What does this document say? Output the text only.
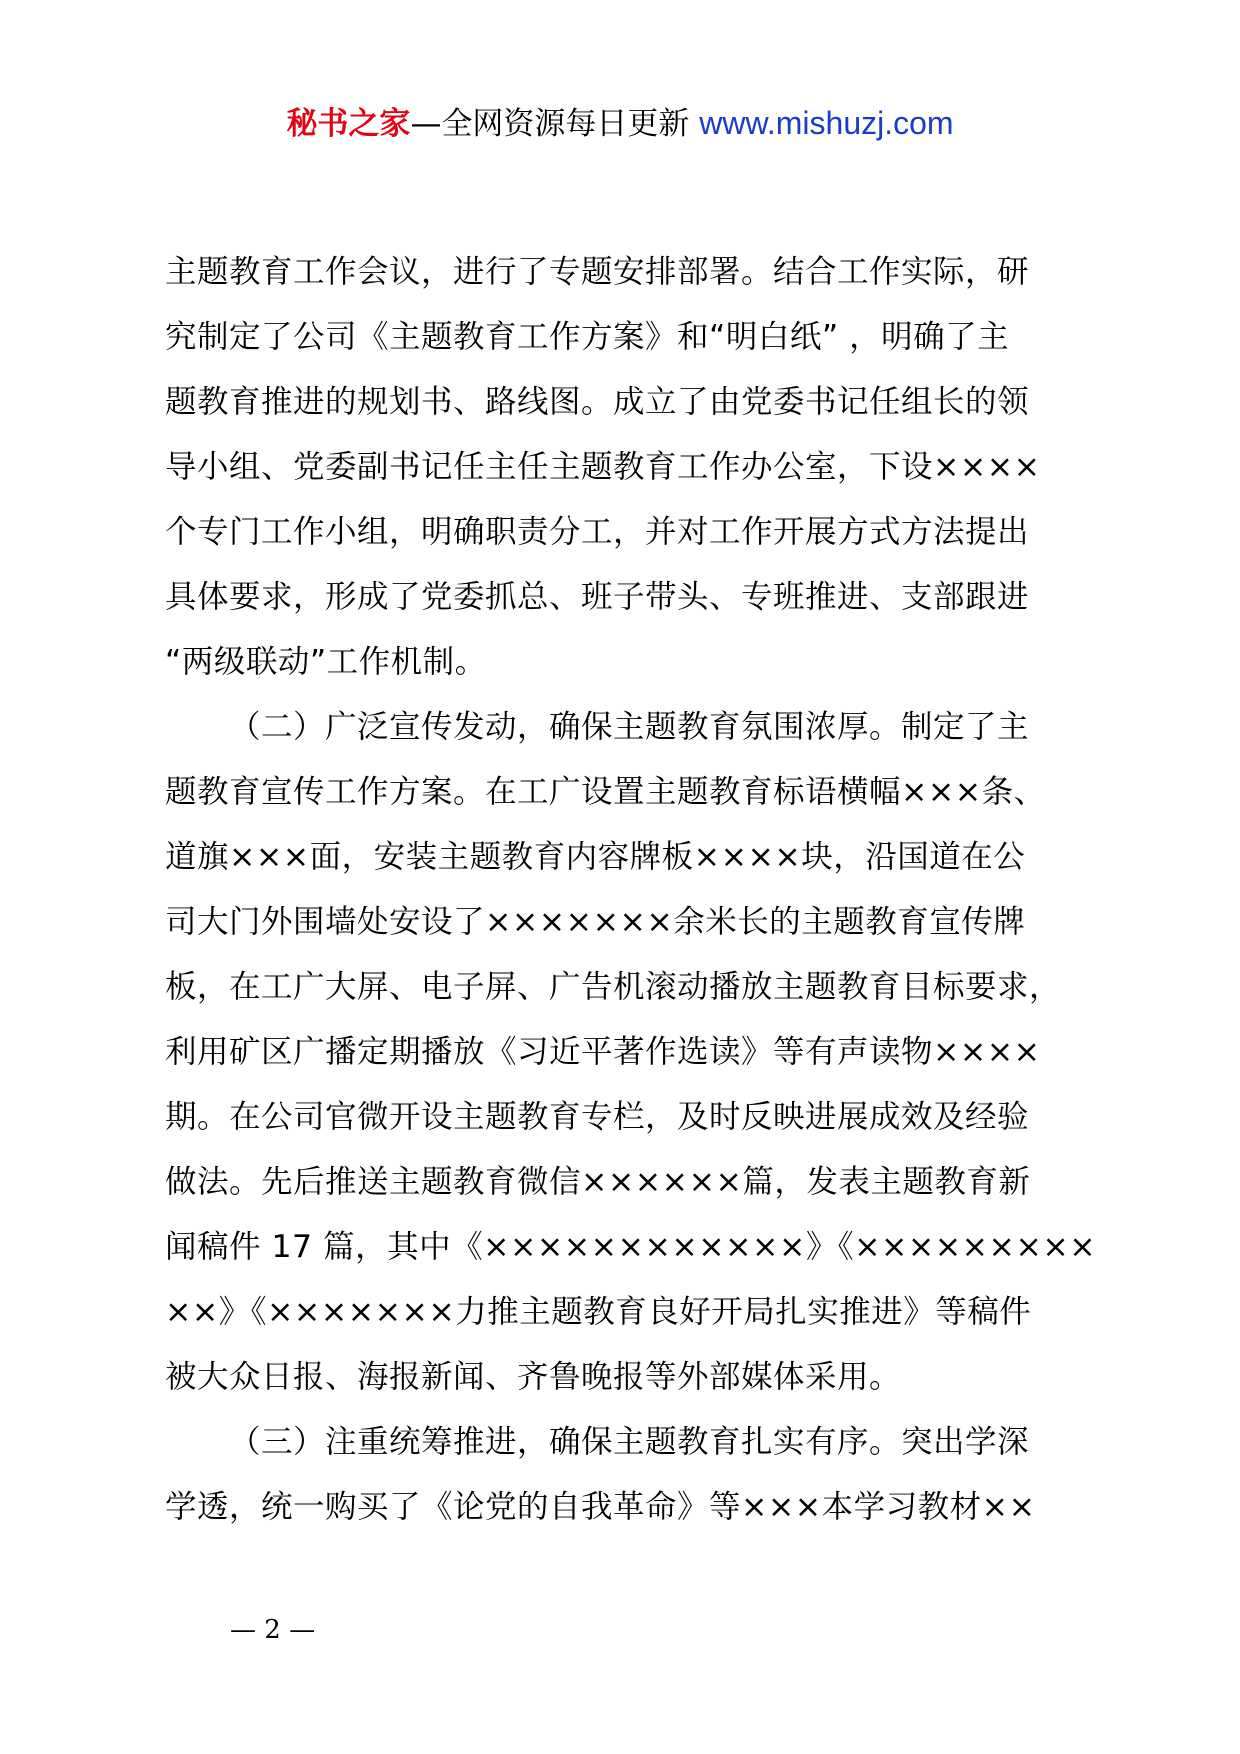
秘书之家—全网资源每日更新 www.mishuzj.com
主题教育工作会议，进行了专题安排部署。结合工作实际，研
究制定了公司《主题教育工作方案》和“明白纸” ，明确了主
题教育推进的规划书、路线图。成立了由党委书记任组长的领
导小组、党委副书记任主任主题教育工作办公室，下设××××
个专门工作小组，明确职责分工，并对工作开展方式方法提出
具体要求，形成了党委抓总、班子带头、专班推进、支部跟进
“两级联动”工作机制。
（二）广泛宣传发动，确保主题教育氛围浓厚。制定了主
题教育宣传工作方案。在工广设置主题教育标语横幅×××条、
道旗×××面，安装主题教育内容牌板××××块，沿国道在公
司大门外围墙处安设了×××××××余米长的主题教育宣传牌
板，在工广大屏、电子屏、广告机滚动播放主题教育目标要求，
利用矿区广播定期播放《习近平著作选读》等有声读物××××
期。在公司官微开设主题教育专栏，及时反映进展成效及经验
做法。先后推送主题教育微信××××××篇，发表主题教育新
闻稿件 17 篇，其中《××××××××××××》《×××××××××
××》《×××××××力推主题教育良好开局扎实推进》等稿件
被大众日报、海报新闻、齐鲁晚报等外部媒体采用。
（三）注重统筹推进，确保主题教育扎实有序。突出学深
学透，统一购买了《论党的自我革命》等×××本学习教材××
— 2 —
